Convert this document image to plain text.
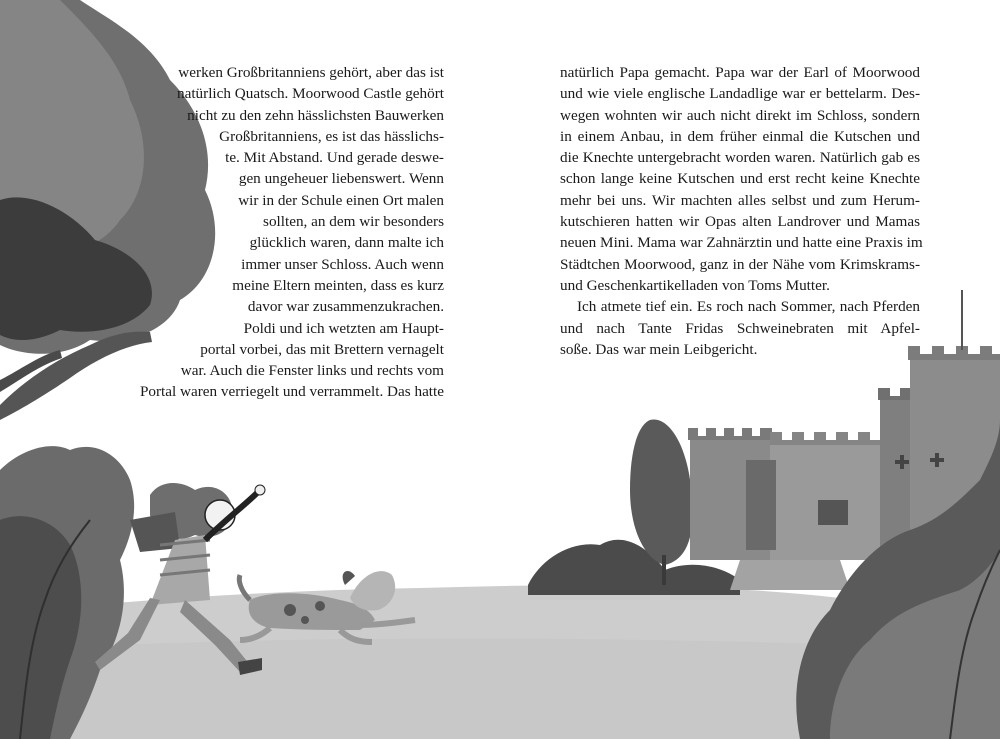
werken Großbritanniens gehört, aber das ist
natürlich Quatsch. Moorwood Castle gehört
nicht zu den zehn hässlichsten Bauwerken
Großbritanniens, es ist das hässlichs-
te. Mit Abstand. Und gerade deswe-
gen ungeheuer liebenswert. Wenn
wir in der Schule einen Ort malen
sollten, an dem wir besonders
glücklich waren, dann malte ich
immer unser Schloss. Auch wenn
meine Eltern meinten, dass es kurz
davor war zusammenzukrachen.
Poldi und ich wetzten am Haupt-
portal vorbei, das mit Brettern vernagelt
war. Auch die Fenster links und rechts vom
Portal waren verriegelt und verrammelt. Das hatte
natürlich Papa gemacht. Papa war der Earl of Moorwood
und wie viele englische Landadlige war er bettelarm. Des-
wegen wohnten wir auch nicht direkt im Schloss, sondern
in einem Anbau, in dem früher einmal die Kutschen und
die Knechte untergebracht worden waren. Natürlich gab es
schon lange keine Kutschen und erst recht keine Knechte
mehr bei uns. Wir machten alles selbst und zum Herum-
kutschieren hatten wir Opas alten Landrover und Mamas
neuen Mini. Mama war Zahnärztin und hatte eine Praxis im
Städtchen Moorwood, ganz in der Nähe vom Krimskrams-
und Geschenkartikelladen von Toms Mutter.
Ich atmete tief ein. Es roch nach Sommer, nach Pferden
und nach Tante Fridas Schweinebraten mit Apfel-
soße. Das war mein Leibgericht.
